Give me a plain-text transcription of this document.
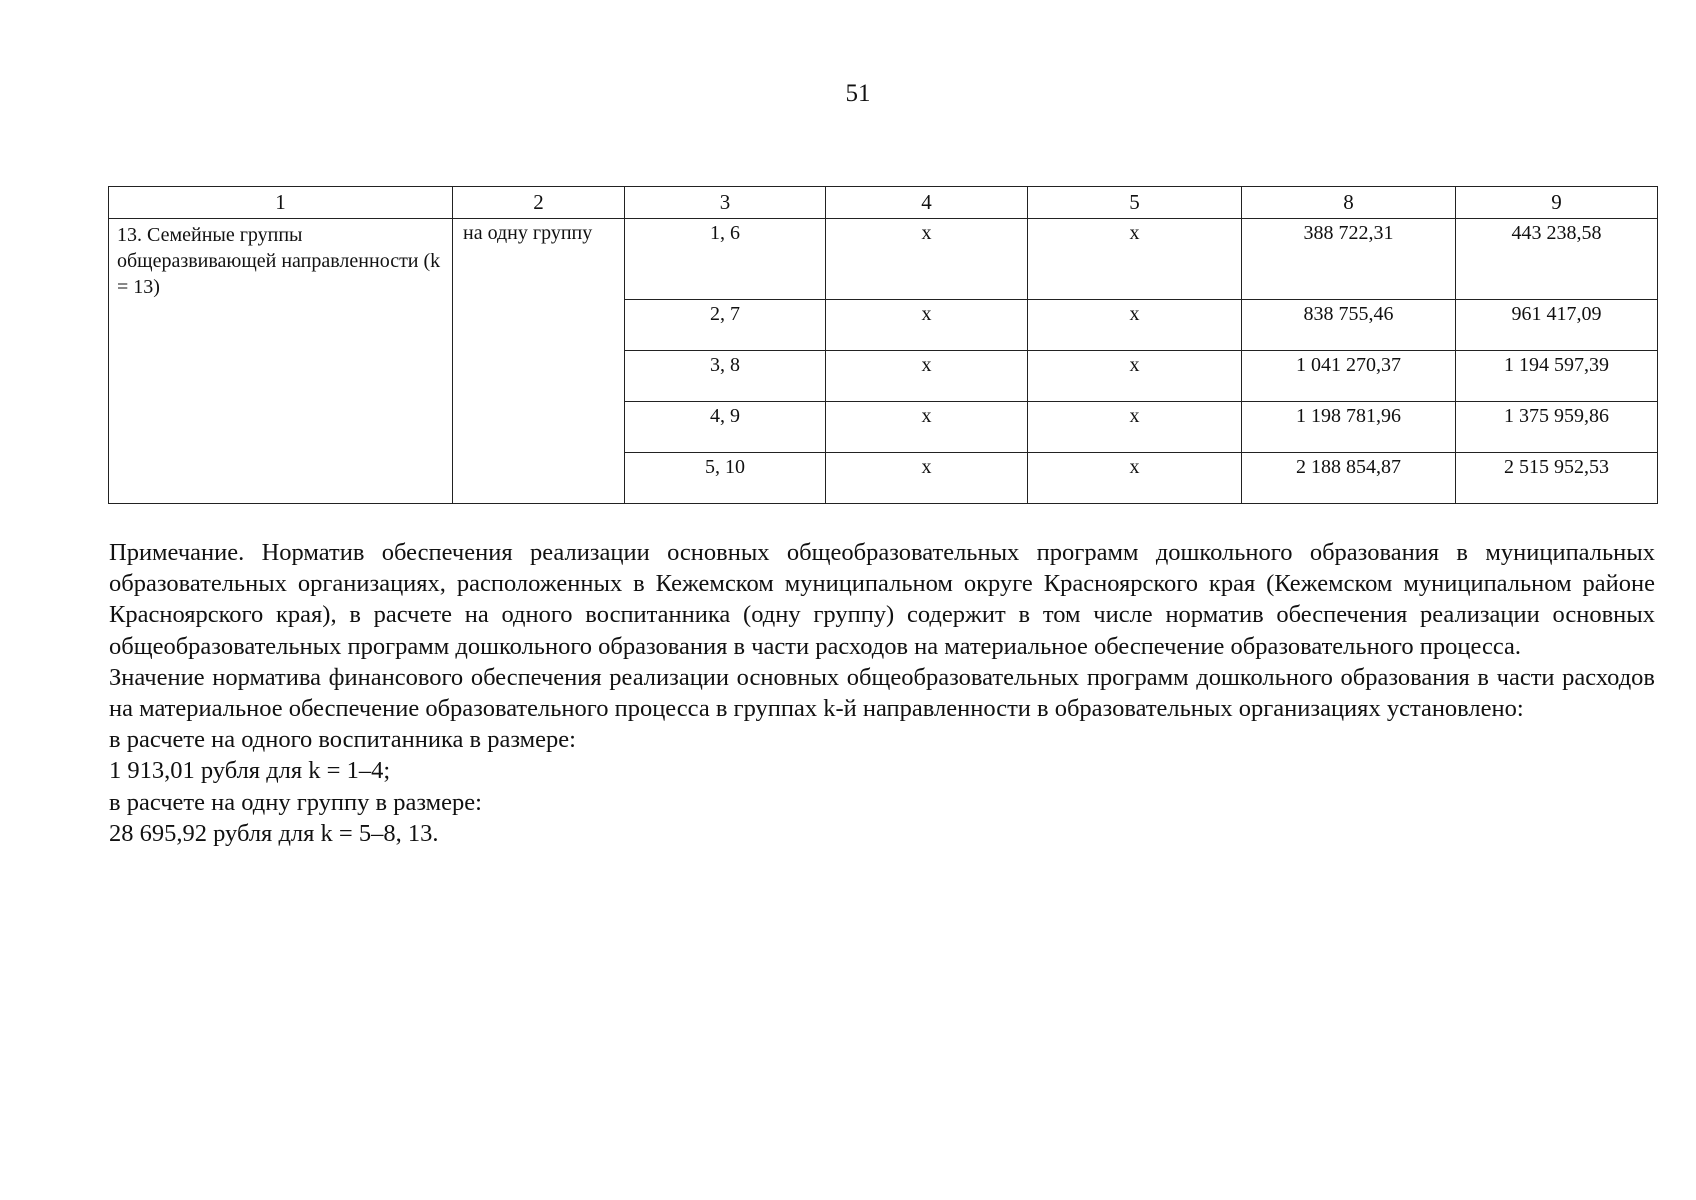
51
1	2	3	4	5	8	9
13. Семейные группы общеразвивающей направленности (k = 13)	на одну группу	1, 6	x	x	388 722,31	443 238,58
		2, 7	x	x	838 755,46	961 417,09
		3, 8	x	x	1 041 270,37	1 194 597,39
		4, 9	x	x	1 198 781,96	1 375 959,86
		5, 10	x	x	2 188 854,87	2 515 952,53

Примечание. Норматив обеспечения реализации основных общеобразовательных программ дошкольного образования в муниципальных образовательных организациях, расположенных в Кежемском муниципальном округе Красноярского края (Кежемском муниципальном районе Красноярского края), в расчете на одного воспитанника (одну группу) содержит в том числе норматив обеспечения реализации основных общеобразовательных программ дошкольного образования в части расходов на материальное обеспечение образовательного процесса.

Значение норматива финансового обеспечения реализации основных общеобразовательных программ дошкольного образования в части расходов на материальное обеспечение образовательного процесса в группах k-й направленности в образовательных организациях установлено:

в расчете на одного воспитанника в размере:

1 913,01 рубля для k = 1–4;

в расчете на одну группу в размере:

28 695,92 рубля для k = 5–8, 13.
